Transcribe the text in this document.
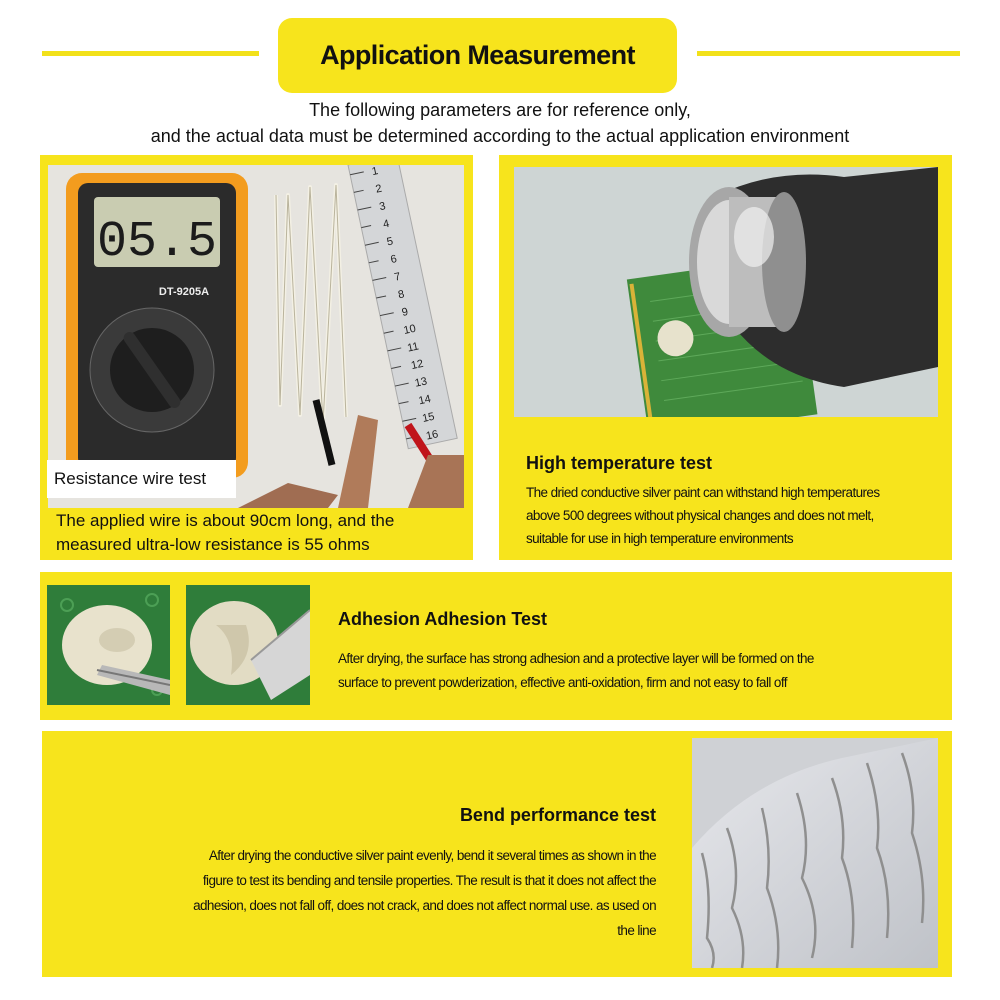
Application Measurement
The following parameters are for reference only,
and the actual data must be determined according to the actual application environment
1
2
3
4
5
6
7
8
9
10
11
12
13
14
15
16
05.5
DT-9205A
Resistance wire test
The applied wire is about 90cm long, and the
measured ultra-low resistance is 55 ohms
High temperature test
The dried conductive silver paint can withstand high temperatures
above 500 degrees without physical changes and does not melt,
suitable for use in high temperature environments
Adhesion Adhesion Test
After drying, the surface has strong adhesion and a protective layer will be formed on the
surface to prevent powderization, effective anti-oxidation, firm and not easy to fall off
Bend performance test
After drying the conductive silver paint evenly, bend it several times as shown in the
figure to test its bending and tensile properties. The result is that it does not affect the
adhesion, does not fall off, does not crack, and does not affect normal use. as used on
the line
